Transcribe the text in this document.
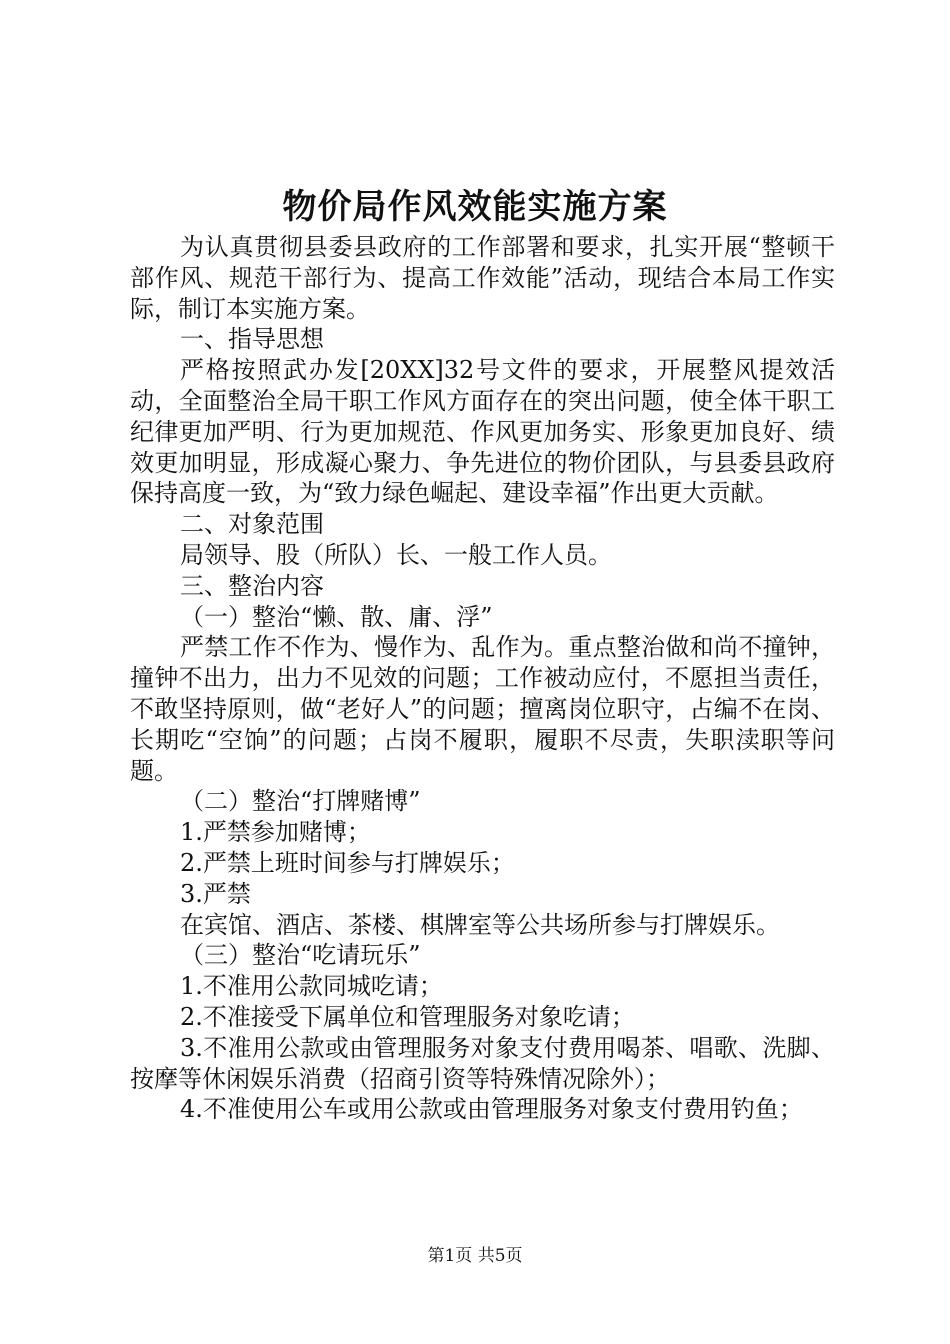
物价局作风效能实施方案

为认真贯彻县委县政府的工作部署和要求，扎实开展“整顿干部作风、规范干部行为、提高工作效能”活动，现结合本局工作实际，制订本实施方案。

一、指导思想

严格按照武办发[20XX]32号文件的要求，开展整风提效活动，全面整治全局干职工作风方面存在的突出问题，使全体干职工纪律更加严明、行为更加规范、作风更加务实、形象更加良好、绩效更加明显，形成凝心聚力、争先进位的物价团队，与县委县政府保持高度一致，为“致力绿色崛起、建设幸福”作出更大贡献。

二、对象范围

局领导、股（所队）长、一般工作人员。

三、整治内容

（一）整治“懒、散、庸、浮”

严禁工作不作为、慢作为、乱作为。重点整治做和尚不撞钟，撞钟不出力，出力不见效的问题；工作被动应付，不愿担当责任，不敢坚持原则，做“老好人”的问题；擅离岗位职守，占编不在岗、长期吃“空饷”的问题；占岗不履职，履职不尽责，失职渎职等问题。

（二）整治“打牌赌博”

1.严禁参加赌博；

2.严禁上班时间参与打牌娱乐；

3.严禁

在宾馆、酒店、茶楼、棋牌室等公共场所参与打牌娱乐。

（三）整治“吃请玩乐”

1.不准用公款同城吃请；

2.不准接受下属单位和管理服务对象吃请；

3.不准用公款或由管理服务对象支付费用喝茶、唱歌、洗脚、按摩等休闲娱乐消费（招商引资等特殊情况除外）；

4.不准使用公车或用公款或由管理服务对象支付费用钓鱼；

第1页 共5页
